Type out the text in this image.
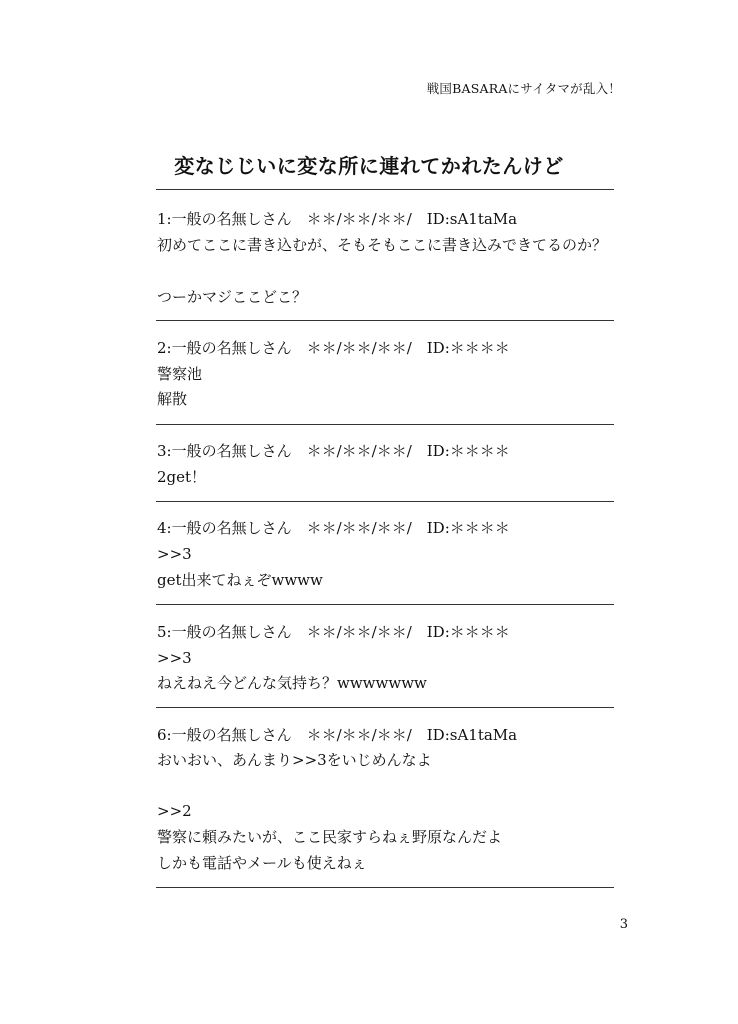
戦国BASARAにサイタマが乱入！
変なじじいに変な所に連れてかれたんけど
1:一般の名無しさん　＊＊/＊＊/＊＊/　ID:sA1taMa
初めてここに書き込むが、そもそもここに書き込みできてるのか？
つーかマジここどこ？
2:一般の名無しさん　＊＊/＊＊/＊＊/　ID:＊＊＊＊
警察池
解散
3:一般の名無しさん　＊＊/＊＊/＊＊/　ID:＊＊＊＊
2get！
4:一般の名無しさん　＊＊/＊＊/＊＊/　ID:＊＊＊＊
>>3
get出来てねぇぞwwww
5:一般の名無しさん　＊＊/＊＊/＊＊/　ID:＊＊＊＊
>>3
ねえねえ今どんな気持ち？wwwwwww
6:一般の名無しさん　＊＊/＊＊/＊＊/　ID:sA1taMa
おいおい、あんまり>>3をいじめんなよ
>>2
警察に頼みたいが、ここ民家すらねぇ野原なんだよ
しかも電話やメールも使えねぇ
3
